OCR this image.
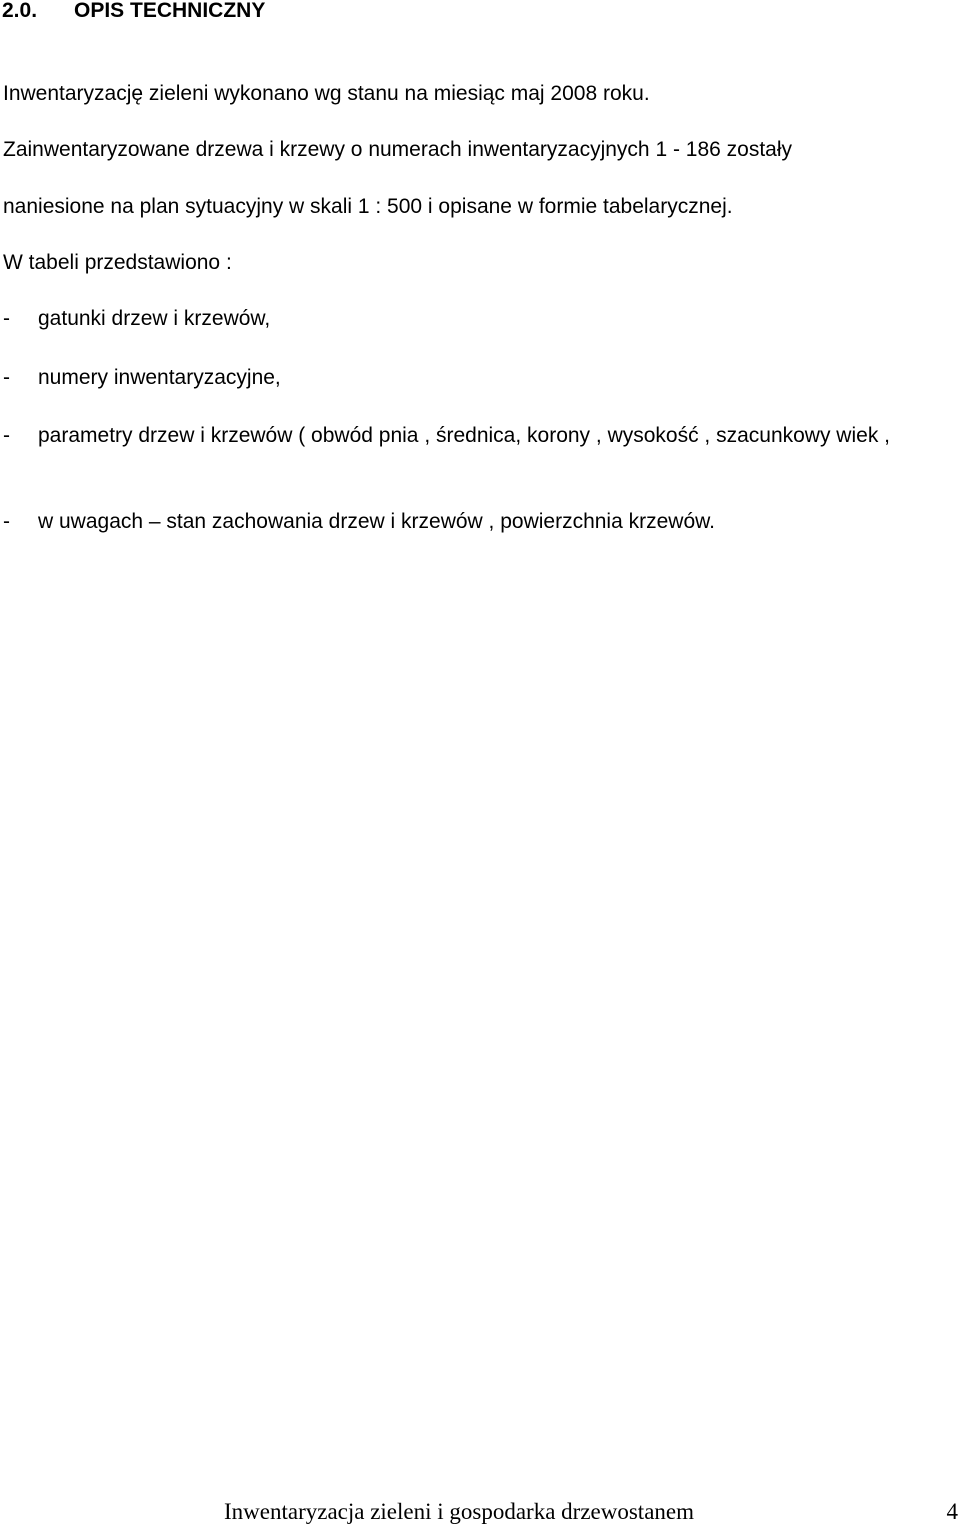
2.0. OPIS TECHNICZNY
Inwentaryzację zieleni wykonano wg stanu na miesiąc maj 2008 roku.
Zainwentaryzowane drzewa i krzewy o numerach inwentaryzacyjnych 1 - 186 zostały
naniesione na plan sytuacyjny w skali 1 : 500 i opisane w formie tabelarycznej.
W tabeli przedstawiono :
- gatunki drzew i krzewów,
- numery inwentaryzacyjne,
- parametry drzew i krzewów ( obwód pnia , średnica, korony , wysokość , szacunkowy wiek ,
- w uwagach – stan zachowania drzew i krzewów , powierzchnia krzewów.
Inwentaryzacja zieleni i gospodarka drzewostanem	4
